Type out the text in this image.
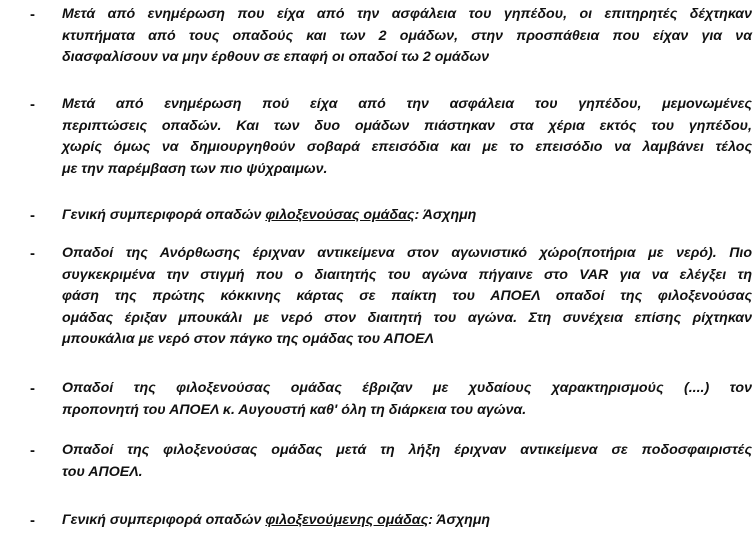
- Μετά από ενημέρωση που είχα από την ασφάλεια του γηπέδου, οι επιτηρητές δέχτηκαν
κτυπήματα από τους οπαδούς και των 2 ομάδων, στην προσπάθεια που είχαν για να
διασφαλίσουν να μην έρθουν σε επαφή οι οπαδοί τω 2 ομάδων

- Μετά από ενημέρωση πού είχα από την ασφάλεια του γηπέδου, μεμονωμένες
περιπτώσεις οπαδών. Και των δυο ομάδων πιάστηκαν στα χέρια εκτός του γηπέδου,
χωρίς όμως να δημιουργηθούν σοβαρά επεισόδια και με το επεισόδιο να λαμβάνει τέλος
με την παρέμβαση των πιο ψύχραιμων.

- Γενική συμπεριφορά οπαδών φιλοξενούσας ομάδας: Άσχημη

- Οπαδοί της Ανόρθωσης έριχναν αντικείμενα στον αγωνιστικό χώρο(ποτήρια με νερό). Πιο
συγκεκριμένα την στιγμή που ο διαιτητής του αγώνα πήγαινε στο VAR για να ελέγξει τη
φάση της πρώτης κόκκινης κάρτας σε παίκτη του ΑΠΟΕΛ οπαδοί της φιλοξενούσας
ομάδας έριξαν μπουκάλι με νερό στον διαιτητή του αγώνα. Στη συνέχεια επίσης ρίχτηκαν
μπουκάλια με νερό στον πάγκο της ομάδας του ΑΠΟΕΛ

- Οπαδοί της φιλοξενούσας ομάδας έβριζαν με χυδαίους χαρακτηρισμούς (....) τον
προπονητή του ΑΠΟΕΛ κ. Αυγουστή καθ' όλη τη διάρκεια του αγώνα.

- Οπαδοί της φιλοξενούσας ομάδας μετά τη λήξη έριχναν αντικείμενα σε ποδοσφαιριστές
του ΑΠΟΕΛ.

- Γενική συμπεριφορά οπαδών φιλοξενούμενης ομάδας: Άσχημη
